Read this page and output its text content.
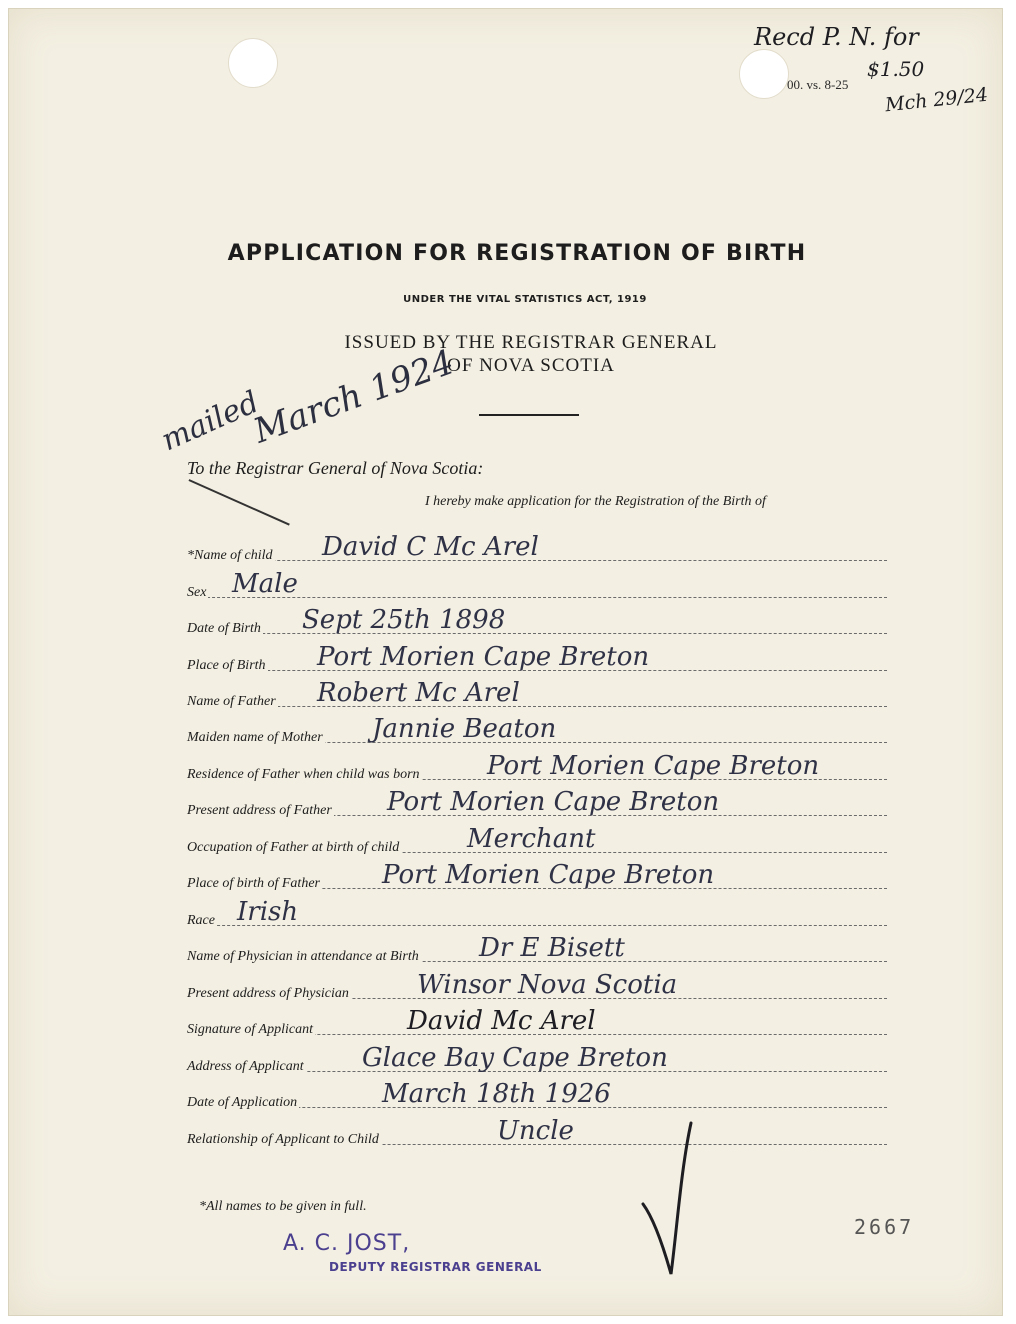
Recd P. N. for
$1.50
Mch 29/24
00. vs. 8-25
APPLICATION FOR REGISTRATION OF BIRTH
UNDER THE VITAL STATISTICS ACT, 1919
ISSUED BY THE REGISTRAR GENERAL
OF NOVA SCOTIA
mailed
March 1924
To the Registrar General of Nova Scotia:
I hereby make application for the Registration of the Birth of
*Name of child David C Mc Arel
Sex Male
Date of Birth Sept 25th 1898
Place of Birth Port Morien Cape Breton
Name of Father Robert Mc Arel
Maiden name of Mother Jannie Beaton
Residence of Father when child was born	Port Morien Cape Breton
Present address of Father Port Morien Cape Breton
Occupation of Father at birth of child	Merchant
Place of birth of Father Port Morien Cape Breton
Race Irish
Name of Physician in attendance at Birth Dr E Bisett
Present address of Physician	Winsor Nova Scotia
Signature of Applicant	David Mc Arel
Address of Applicant Glace Bay Cape Breton
Date of Application	March 18th 1926
Relationship of Applicant to Child	Uncle
*All names to be given in full.
A. C. JOST,
DEPUTY REGISTRAR GENERAL
2667
